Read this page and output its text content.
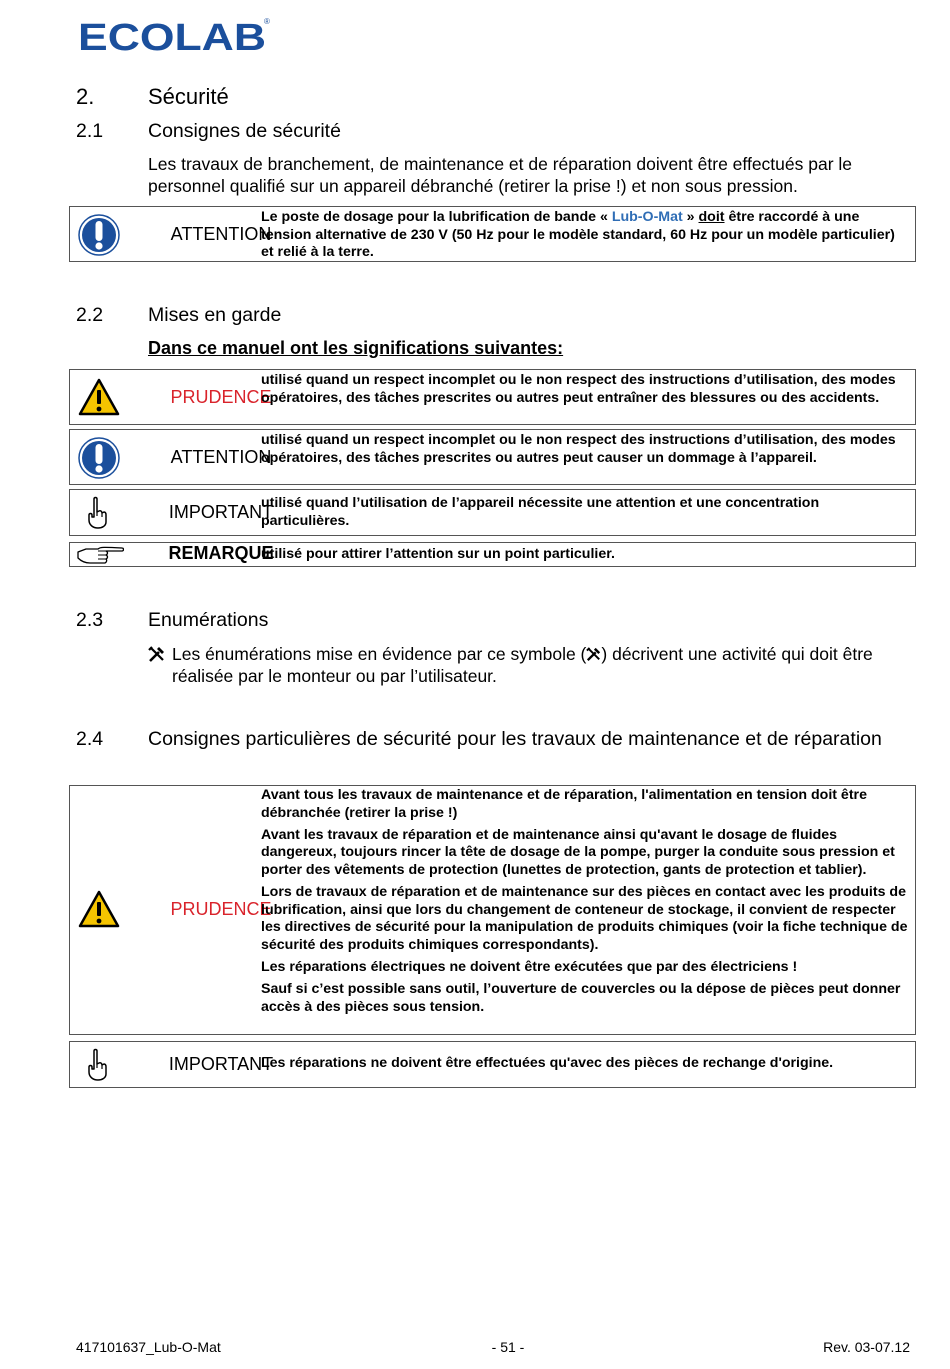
ECOLAB
®
2. Sécurité
2.1 Consignes de sécurité
Les travaux de branchement, de maintenance et de réparation doivent être effectués par le personnel qualifié sur un appareil débranché (retirer la prise !) et non sous pression.
ATTENTION
Le poste de dosage pour la lubrification de bande « Lub-O-Mat » doit être raccordé à une tension alternative de 230 V (50 Hz pour le modèle standard, 60 Hz pour un modèle particulier) et relié à la terre.
2.2 Mises en garde
Dans ce manuel ont les significations suivantes:
PRUDENCE
utilisé quand un respect incomplet ou le non respect des instructions d’utilisation, des modes opératoires, des tâches prescrites ou autres peut entraîner des blessures ou des accidents.
ATTENTION
utilisé quand un respect incomplet ou le non respect des instructions d’utilisation, des modes opératoires, des tâches prescrites ou autres peut causer un dommage à l’appareil.
IMPORTANT
utilisé quand l’utilisation de l’appareil nécessite une attention et une concentration particulières.
REMARQUE
utilisé pour attirer l’attention sur un point particulier.
2.3 Enumérations
Les énumérations mise en évidence par ce symbole ( ) décrivent une activité qui doit être réalisée par le monteur ou par l’utilisateur.
2.4 Consignes particulières de sécurité pour les travaux de maintenance et de réparation
PRUDENCE

Avant tous les travaux de maintenance et de réparation, l'alimentation en tension doit être débranchée (retirer la prise !)

Avant les travaux de réparation et de maintenance ainsi qu'avant le dosage de fluides dangereux, toujours rincer la tête de dosage de la pompe, purger la conduite sous pression et porter des vêtements de protection (lunettes de protection, gants de protection et tablier).

Lors de travaux de réparation et de maintenance sur des pièces en contact avec les produits de lubrification, ainsi que lors du changement de conteneur de stockage, il convient de respecter les directives de sécurité pour la manipulation de produits chimiques (voir la fiche technique de sécurité des produits chimiques correspondants).

Les réparations électriques ne doivent être exécutées que par des électriciens !

Sauf si c’est possible sans outil, l’ouverture de couvercles ou la dépose de pièces peut donner accès à des pièces sous tension.

IMPORTANT
Les réparations ne doivent être effectuées qu'avec des pièces de rechange d'origine.
417101637_Lub-O-Mat	- 51 -	Rev. 03-07.12
